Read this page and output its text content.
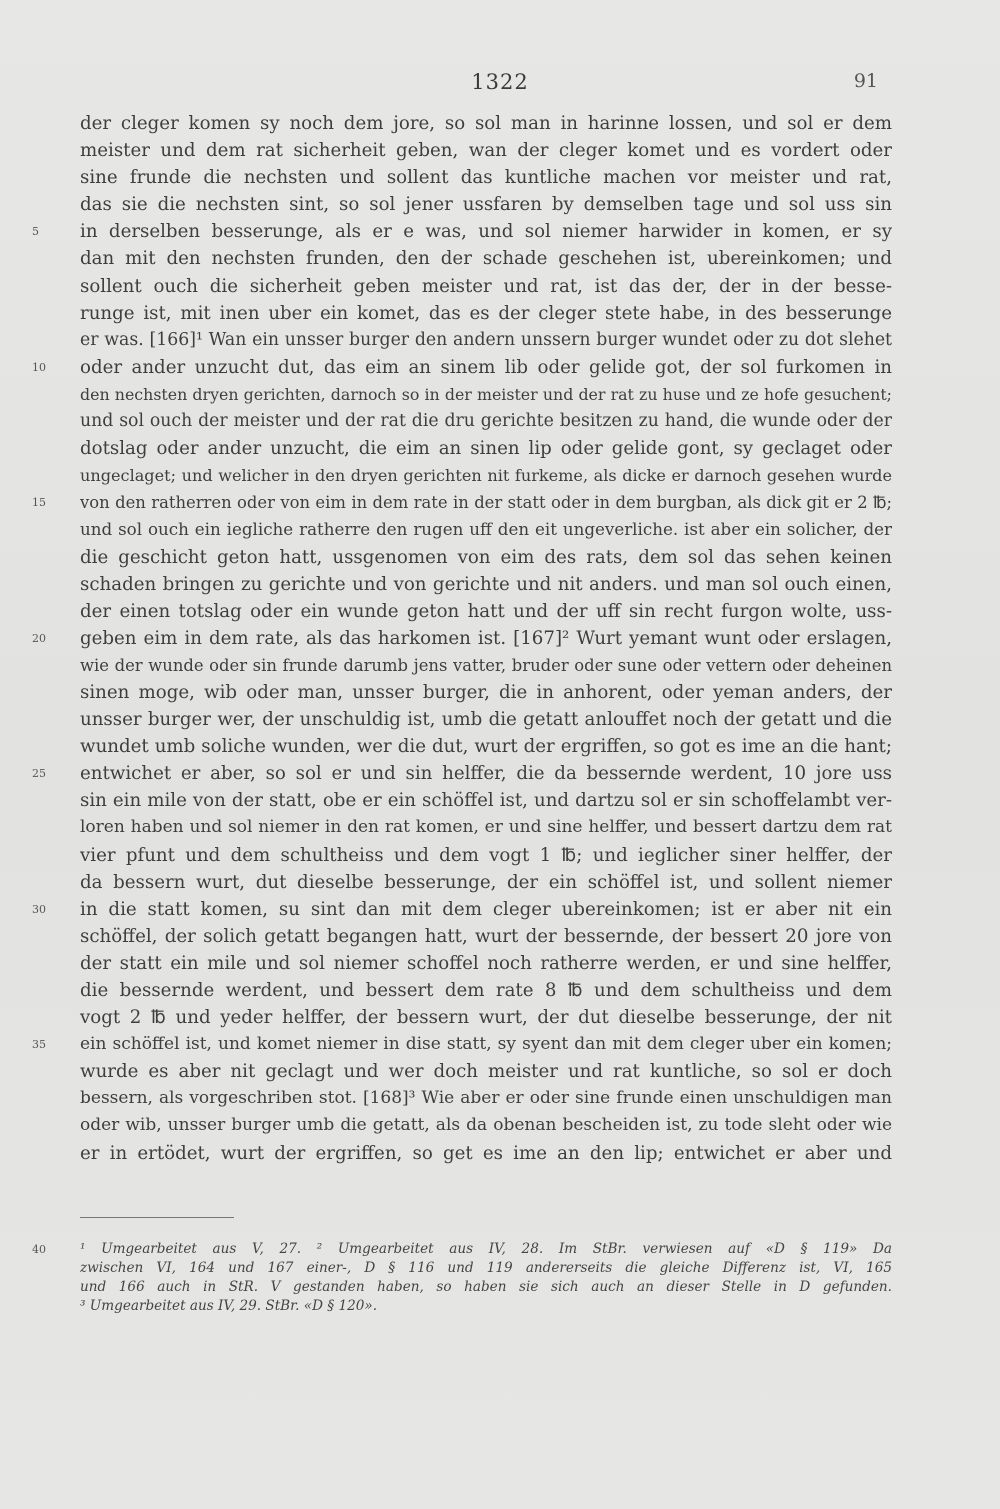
1322	91
der cleger komen sy noch dem jore, so sol man in harinne lossen, und sol er dem
meister und dem rat sicherheit geben, wan der cleger komet und es vordert oder
sine frunde die nechsten und sollent das kuntliche machen vor meister und rat,
das sie die nechsten sint, so sol jener ussfaren by demselben tage und sol uss sin
5	in derselben besserunge, als er e was, und sol niemer harwider in komen, er sy
dan mit den nechsten frunden, den der schade geschehen ist, ubereinkomen; und
sollent ouch die sicherheit geben meister und rat, ist das der, der in der besse-
runge ist, mit inen uber ein komet, das es der cleger stete habe, in des besserunge
er was. [166]¹ Wan ein unsser burger den andern unssern burger wundet oder zu dot slehet
10	oder ander unzucht dut, das eim an sinem lib oder gelide got, der sol furkomen in
den nechsten dryen gerichten, darnoch so in der meister und der rat zu huse und ze hofe gesuchent;
und sol ouch der meister und der rat die dru gerichte besitzen zu hand, die wunde oder der
dotslag oder ander unzucht, die eim an sinen lip oder gelide gont, sy geclaget oder
ungeclaget; und welicher in den dryen gerichten nit furkeme, als dicke er darnoch gesehen wurde
15	von den ratherren oder von eim in dem rate in der statt oder in dem burgban, als dick git er 2 ℔;
und sol ouch ein iegliche ratherre den rugen uff den eit ungeverliche. ist aber ein solicher, der
die geschicht geton hatt, ussgenomen von eim des rats, dem sol das sehen keinen
schaden bringen zu gerichte und von gerichte und nit anders. und man sol ouch einen,
der einen totslag oder ein wunde geton hatt und der uff sin recht furgon wolte, uss-
20	geben eim in dem rate, als das harkomen ist. [167]² Wurt yemant wunt oder erslagen,
wie der wunde oder sin frunde darumb jens vatter, bruder oder sune oder vettern oder deheinen
sinen moge, wib oder man, unsser burger, die in anhorent, oder yeman anders, der
unsser burger wer, der unschuldig ist, umb die getatt anlouffet noch der getatt und die
wundet umb soliche wunden, wer die dut, wurt der ergriffen, so got es ime an die hant;
25	entwichet er aber, so sol er und sin helffer, die da bessernde werdent, 10 jore uss
sin ein mile von der statt, obe er ein schöffel ist, und dartzu sol er sin schoffelambt ver-
loren haben und sol niemer in den rat komen, er und sine helffer, und bessert dartzu dem rat
vier pfunt und dem schultheiss und dem vogt 1 ℔; und ieglicher siner helffer, der
da bessern wurt, dut dieselbe besserunge, der ein schöffel ist, und sollent niemer
30	in die statt komen, su sint dan mit dem cleger ubereinkomen; ist er aber nit ein
schöffel, der solich getatt begangen hatt, wurt der bessernde, der bessert 20 jore von
der statt ein mile und sol niemer schoffel noch ratherre werden, er und sine helffer,
die bessernde werdent, und bessert dem rate 8 ℔ und dem schultheiss und dem
vogt 2 ℔ und yeder helffer, der bessern wurt, der dut dieselbe besserunge, der nit
35	ein schöffel ist, und komet niemer in dise statt, sy syent dan mit dem cleger uber ein komen;
wurde es aber nit geclagt und wer doch meister und rat kuntliche, so sol er doch
bessern, als vorgeschriben stot. [168]³ Wie aber er oder sine frunde einen unschuldigen man
oder wib, unsser burger umb die getatt, als da obenan bescheiden ist, zu tode sleht oder wie
er in ertödet, wurt der ergriffen, so get es ime an den lip; entwichet er aber und
40	¹ Umgearbeitet aus V, 27. ² Umgearbeitet aus IV, 28. Im StBr. verwiesen auf «D § 119» Da
zwischen VI, 164 und 167 einer-, D § 116 und 119 andererseits die gleiche Differenz ist, VI, 165
und 166 auch in StR. V gestanden haben, so haben sie sich auch an dieser Stelle in D gefunden.
³ Umgearbeitet aus IV, 29. StBr. «D § 120».
